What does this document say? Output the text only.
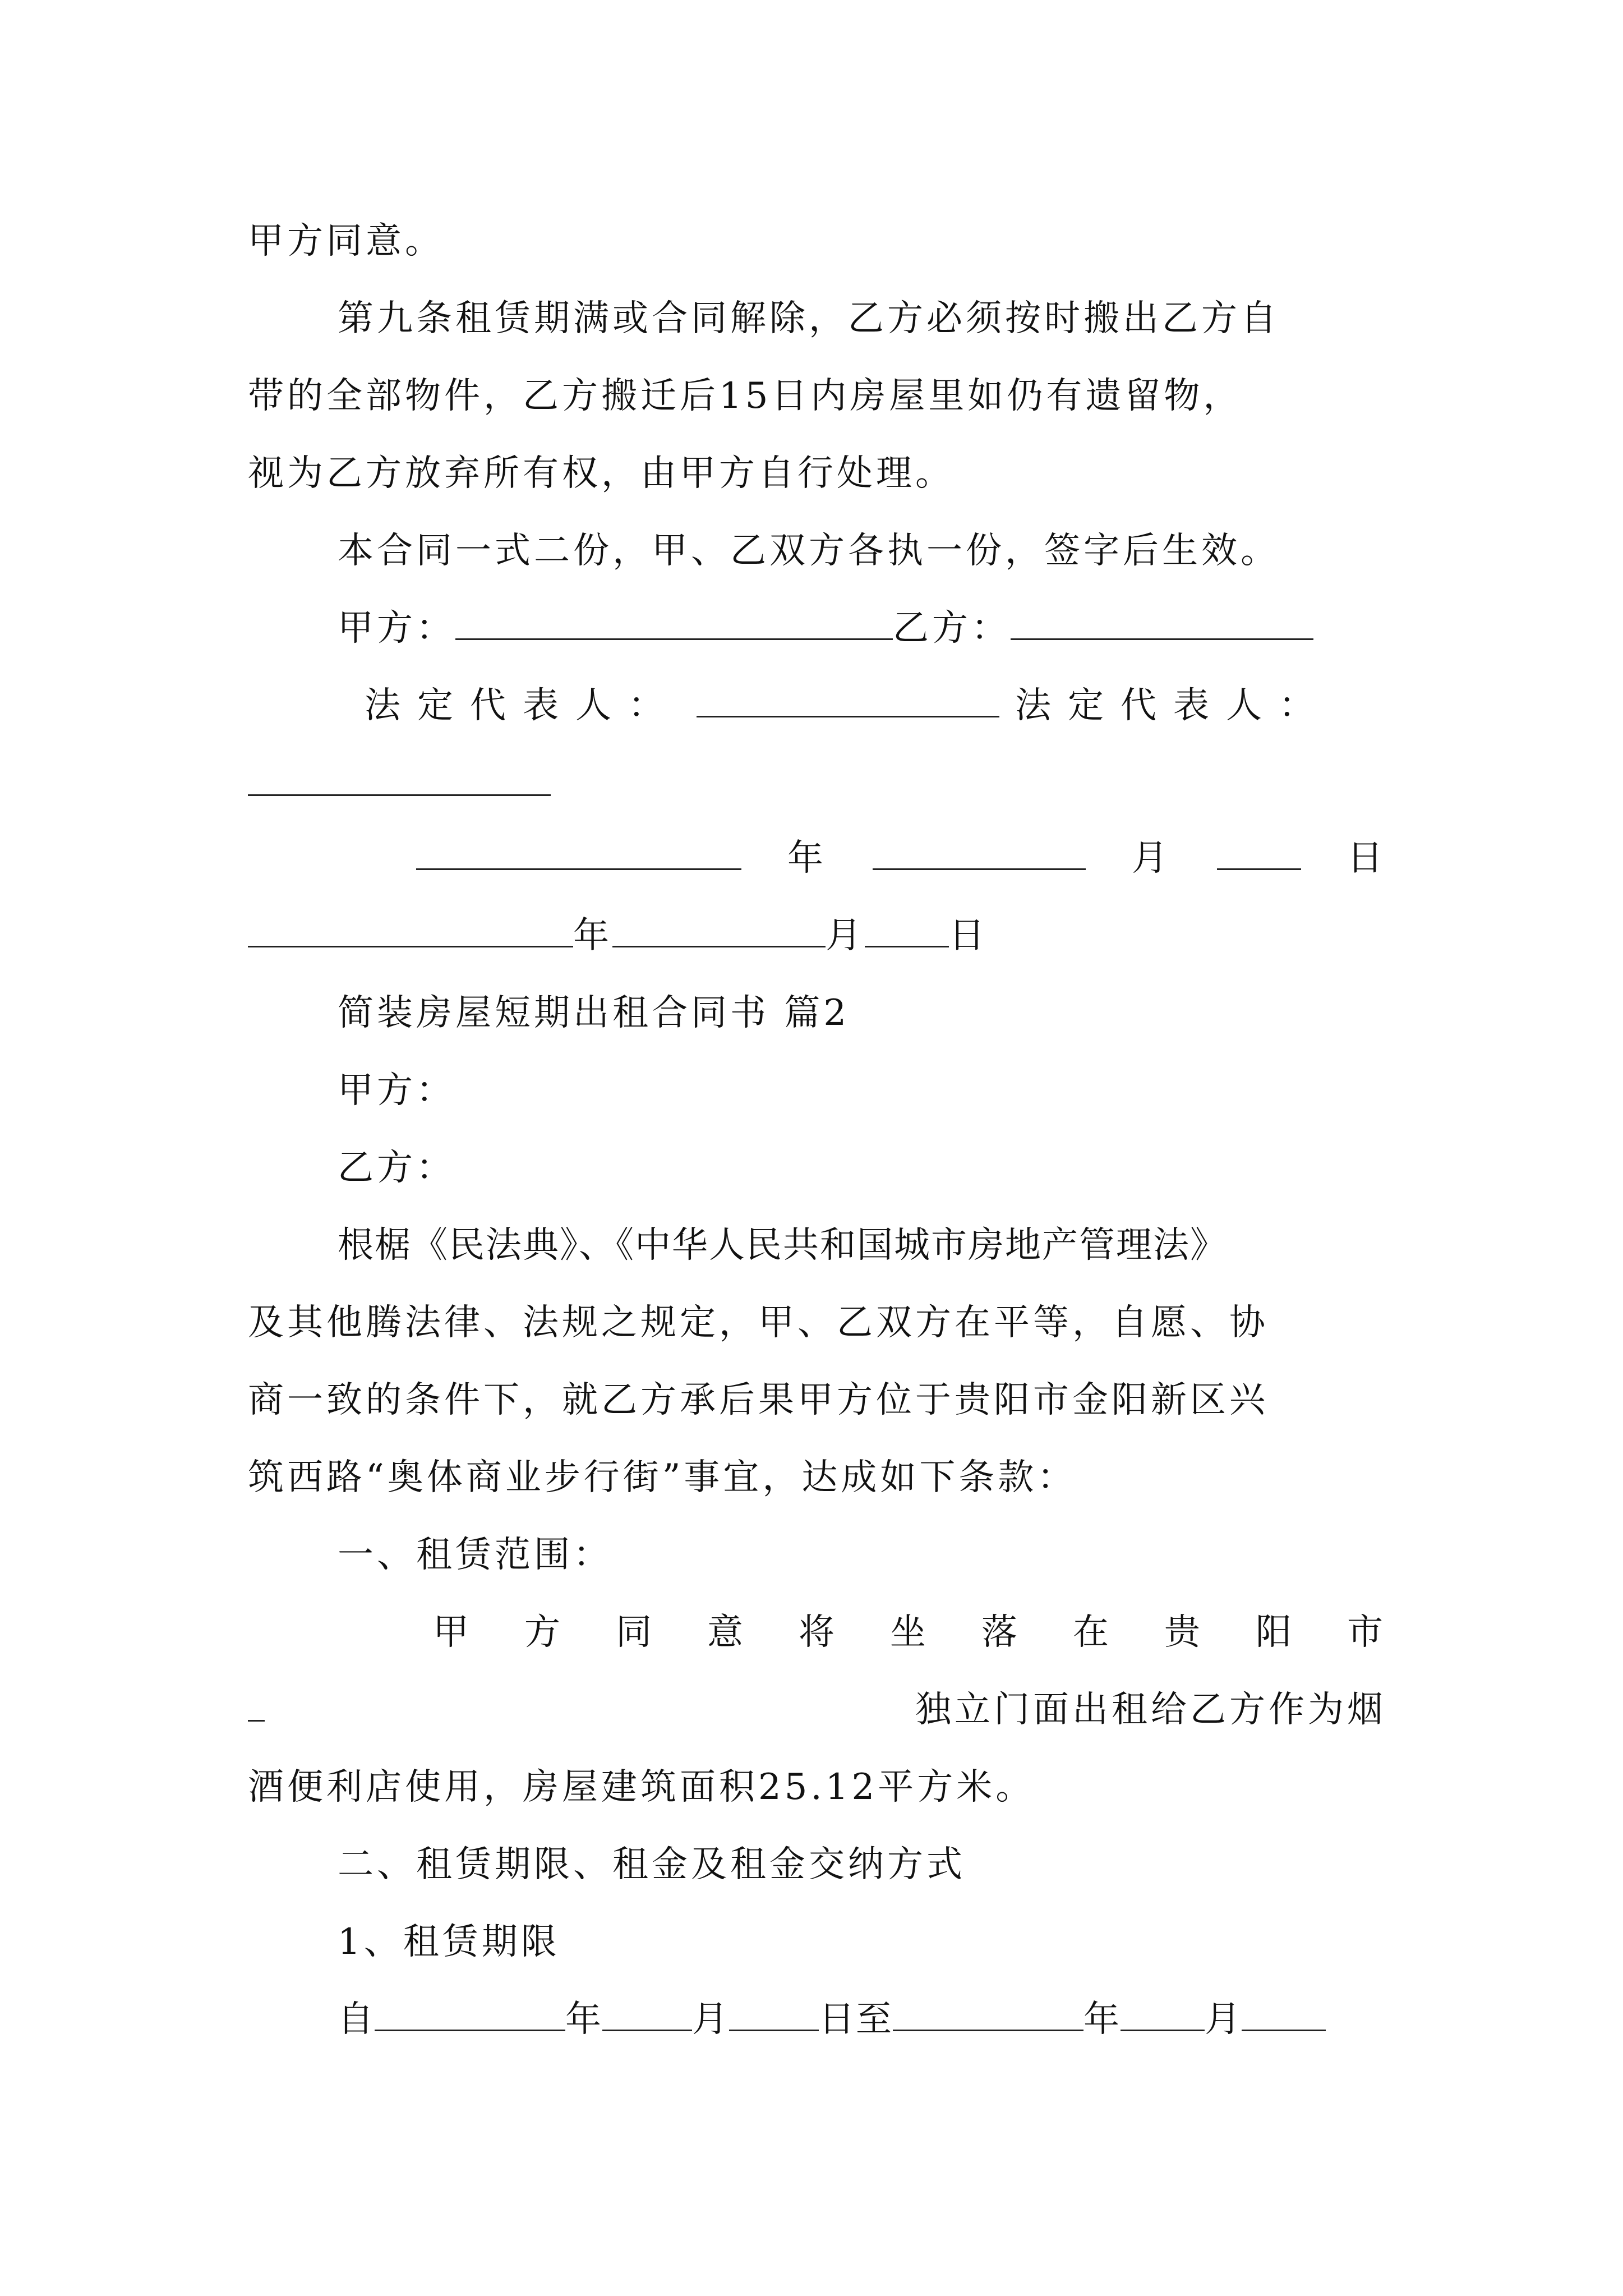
甲方同意。
第九条租赁期满或合同解除，乙方必须按时搬出乙方自
带的全部物件，乙方搬迁后15日内房屋里如仍有遗留物，
视为乙方放弃所有权，由甲方自行处理。
本合同一式二份，甲、乙双方各执一份，签字后生效。
甲方：	乙方：
法定代表人：	法定代表人：
年	月	日
年	月 日
简装房屋短期出租合同书 篇2
甲方：
乙方：
根椐《民法典》、《中华人民共和国城市房地产管理法》
及其他腾法律、法规之规定，甲、乙双方在平等，自愿、协
商一致的条件下，就乙方承后果甲方位于贵阳市金阳新区兴
筑西路“奥体商业步行街”事宜，达成如下条款：
一、租赁范围：
甲 方 同 意 将 坐 落 在 贵 阳 市
独立门面出租给乙方作为烟
酒便利店使用，房屋建筑面积25.12平方米。
二、租赁期限、租金及租金交纳方式
1、租赁期限
自	年	月	日至	年 月
